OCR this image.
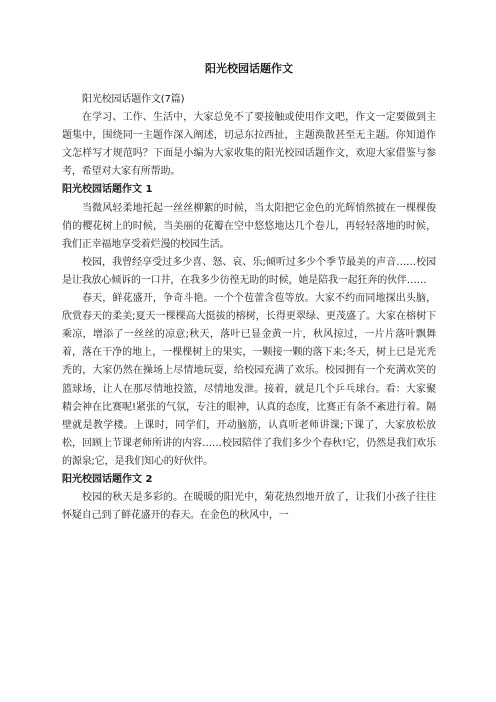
阳光校园话题作文

阳光校园话题作文(7篇)

在学习、工作、生活中，大家总免不了要接触或使用作文吧，作文一定要做到主题集中，围绕同一主题作深入阐述，切忌东拉西扯，主题涣散甚至无主题。你知道作文怎样写才规范吗？下面是小编为大家收集的阳光校园话题作文，欢迎大家借鉴与参考，希望对大家有所帮助。

阳光校园话题作文 1

当微风轻柔地托起一丝丝柳絮的时候，当太阳把它金色的光辉悄然披在一棵棵俊俏的樱花树上的时候，当美丽的花瓣在空中悠悠地达几个卷儿，再轻轻落地的时候，我们正幸福地享受着烂漫的校园生活。

校园，我曾经享受过多少喜、怒、哀、乐;倾听过多少个季节最美的声音……校园是让我放心倾诉的一口井，在我多少彷徨无助的时候，她是陪我一起狂奔的伙伴……

春天，鲜花盛开，争奇斗艳。一个个苞蕾含苞等放。大家不约而同地探出头脑，欣赏春天的柔美;夏天一棵棵高大挺拔的榕树，长得更翠绿、更茂盛了。大家在榕树下乘凉，增添了一丝丝的凉意;秋天，落叶已显金黄一片，秋风掠过，一片片落叶飘舞着，落在干净的地上，一棵棵树上的果实，一颗接一颗的落下来;冬天，树上已是光秃秃的，大家仍然在操场上尽情地玩耍，给校园充满了欢乐。校园拥有一个充满欢笑的篮球场，让人在那尽情地投篮，尽情地发泄。接着，就是几个乒乓球台。看：大家聚精会神在比赛呢!紧张的气氛，专注的眼神，认真的态度，比赛正有条不紊进行着。隔壁就是教学楼。上课时，同学们，开动脑筋，认真听老师讲课;下课了，大家放松放松，回顾上节课老师所讲的内容……校园陪伴了我们多少个春秋!它，仍然是我们欢乐的源泉;它，是我们知心的好伙伴。

阳光校园话题作文 2

校园的秋天是多彩的。在暖暖的阳光中，菊花热烈地开放了，让我们小孩子往往怀疑自己到了鲜花盛开的春天。在金色的秋风中，一
